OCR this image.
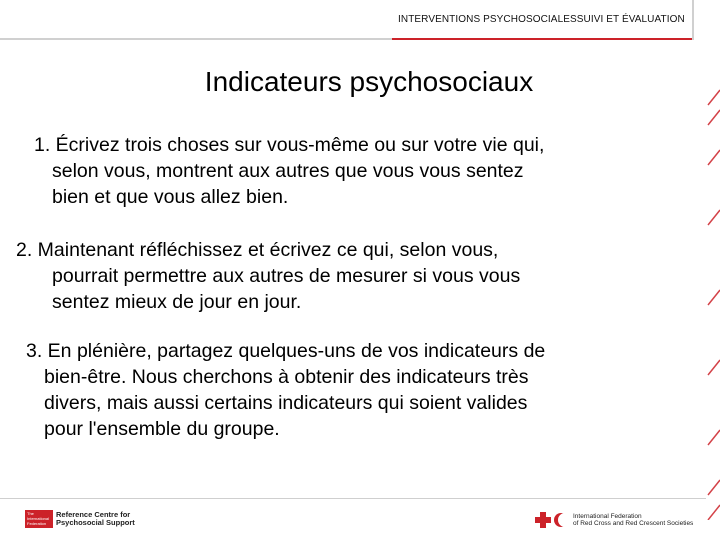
INTERVENTIONS PSYCHOSOCIALESSUIVI ET ÉVALUATION
Indicateurs psychosociaux
1. Écrivez trois choses sur vous-même ou sur votre vie qui,
selon vous, montrent aux autres que vous vous sentez
bien et que vous allez bien.
2. Maintenant réfléchissez et écrivez ce qui, selon vous,
pourrait permettre aux autres de mesurer si vous vous
sentez mieux de jour en jour.
3. En plénière, partagez quelques-uns de vos indicateurs de
bien-être. Nous cherchons à obtenir des indicateurs très
divers, mais aussi certains indicateurs qui soient valides
pour l'ensemble du groupe.
The International Federation
Reference Centre for
Psychosocial Support
International Federation
of Red Cross and Red Crescent Societies
